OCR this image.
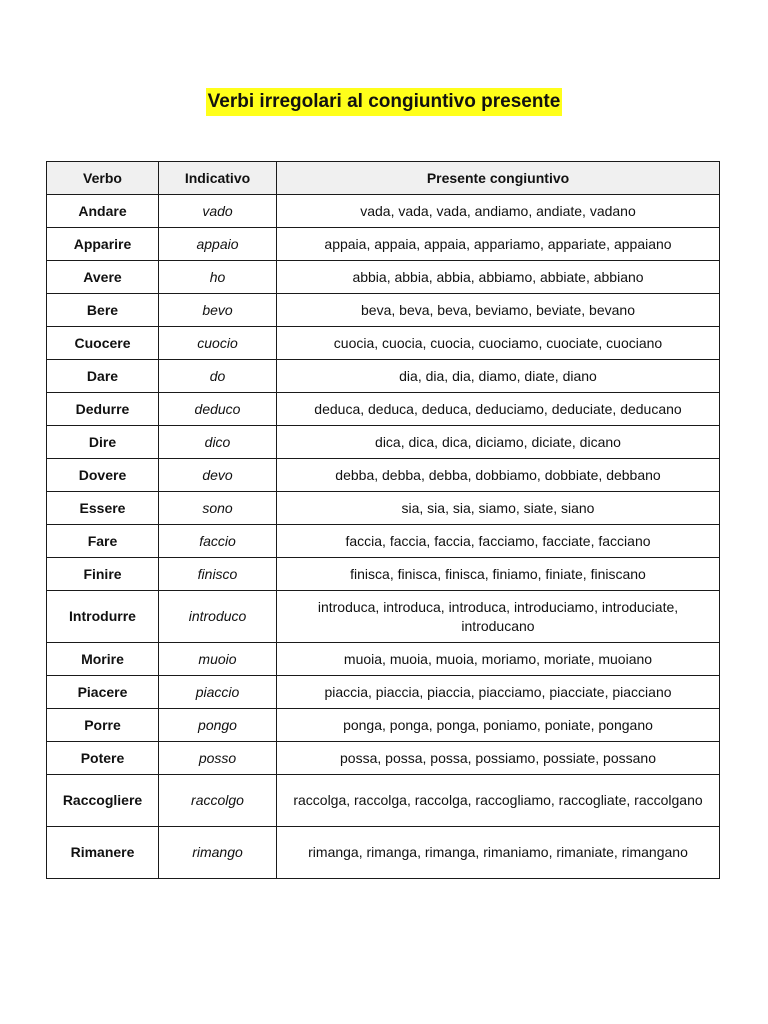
Verbi irregolari al congiuntivo presente
Verbo	Indicativo	Presente congiuntivo
Andare	vado	vada, vada, vada, andiamo, andiate, vadano
Apparire	appaio	appaia, appaia, appaia, appariamo, appariate, appaiano
Avere	ho	abbia, abbia, abbia, abbiamo, abbiate, abbiano
Bere	bevo	beva, beva, beva, beviamo, beviate, bevano
Cuocere	cuocio	cuocia, cuocia, cuocia, cuociamo, cuociate, cuociano
Dare	do	dia, dia, dia, diamo, diate, diano
Dedurre	deduco	deduca, deduca, deduca, deduciamo, deduciate, deducano
Dire	dico	dica, dica, dica, diciamo, diciate, dicano
Dovere	devo	debba, debba, debba, dobbiamo, dobbiate, debbano
Essere	sono	sia, sia, sia, siamo, siate, siano
Fare	faccio	faccia, faccia, faccia, facciamo, facciate, facciano
Finire	finisco	finisca, finisca, finisca, finiamo, finiate, finiscano
Introdurre	introduco	introduca, introduca, introduca, introduciamo, introduciate, introducano
Morire	muoio	muoia, muoia, muoia, moriamo, moriate, muoiano
Piacere	piaccio	piaccia, piaccia, piaccia, piacciamo, piacciate, piacciano
Porre	pongo	ponga, ponga, ponga, poniamo, poniate, pongano
Potere	posso	possa, possa, possa, possiamo, possiate, possano
Raccogliere	raccolgo	raccolga, raccolga, raccolga, raccogliamo, raccogliate, raccolgano
Rimanere	rimango	rimanga, rimanga, rimanga, rimaniamo, rimaniate, rimangano
